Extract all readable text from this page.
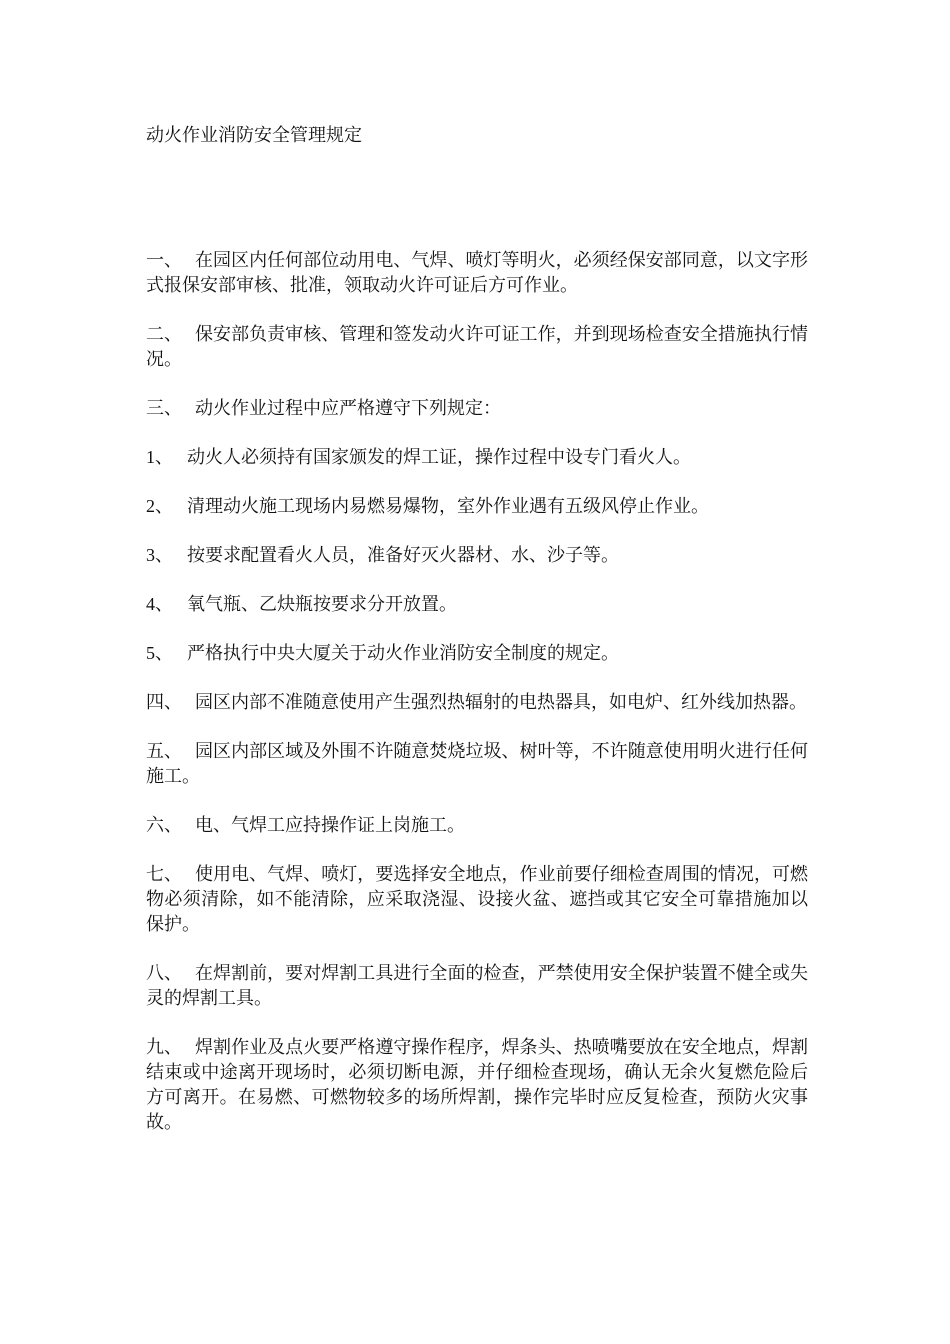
动火作业消防安全管理规定

一、 在园区内任何部位动用电、气焊、喷灯等明火，必须经保安部同意，以文字形式报保安部审核、批准，领取动火许可证后方可作业。

二、 保安部负责审核、管理和签发动火许可证工作，并到现场检查安全措施执行情况。

三、 动火作业过程中应严格遵守下列规定：

1、 动火人必须持有国家颁发的焊工证，操作过程中设专门看火人。

2、 清理动火施工现场内易燃易爆物，室外作业遇有五级风停止作业。

3、 按要求配置看火人员，准备好灭火器材、水、沙子等。

4、 氧气瓶、乙炔瓶按要求分开放置。

5、 严格执行中央大厦关于动火作业消防安全制度的规定。

四、 园区内部不准随意使用产生强烈热辐射的电热器具，如电炉、红外线加热器。

五、 园区内部区域及外围不许随意焚烧垃圾、树叶等，不许随意使用明火进行任何施工。

六、 电、气焊工应持操作证上岗施工。

七、 使用电、气焊、喷灯，要选择安全地点，作业前要仔细检查周围的情况，可燃物必须清除，如不能清除，应采取浇湿、设接火盆、遮挡或其它安全可靠措施加以保护。

八、 在焊割前，要对焊割工具进行全面的检查，严禁使用安全保护装置不健全或失灵的焊割工具。

九、 焊割作业及点火要严格遵守操作程序，焊条头、热喷嘴要放在安全地点，焊割结束或中途离开现场时，必须切断电源，并仔细检查现场，确认无余火复燃危险后方可离开。在易燃、可燃物较多的场所焊割，操作完毕时应反复检查，预防火灾事故。
